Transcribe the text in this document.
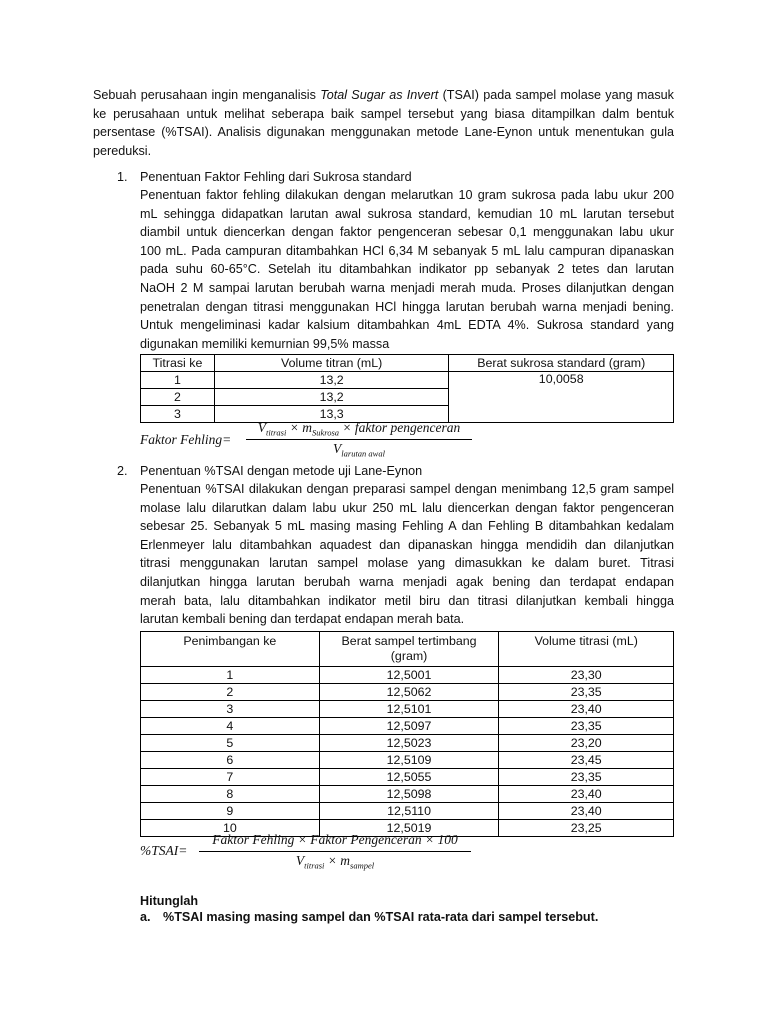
Sebuah perusahaan ingin menganalisis Total Sugar as Invert (TSAI) pada sampel molase yang masuk
ke perusahaan untuk melihat seberapa baik sampel tersebut yang biasa ditampilkan dalm bentuk
persentase (%TSAI). Analisis digunakan menggunakan metode Lane-Eynon untuk menentukan gula
pereduksi.
1. Penentuan Faktor Fehling dari Sukrosa standard
Penentuan faktor fehling dilakukan dengan melarutkan 10 gram sukrosa pada labu ukur 200
mL sehingga didapatkan larutan awal sukrosa standard, kemudian 10 mL larutan tersebut
diambil untuk diencerkan dengan faktor pengenceran sebesar 0,1 menggunakan labu ukur
100 mL. Pada campuran ditambahkan HCl 6,34 M sebanyak 5 mL lalu campuran dipanaskan
pada suhu 60-65°C. Setelah itu ditambahkan indikator pp sebanyak 2 tetes dan larutan
NaOH 2 M sampai larutan berubah warna menjadi merah muda. Proses dilanjutkan dengan
penetralan dengan titrasi menggunakan HCl hingga larutan berubah warna menjadi bening.
Untuk mengeliminasi kadar kalsium ditambahkan 4mL EDTA 4%. Sukrosa standard yang
digunakan memiliki kemurnian 99,5% massa
Titrasi ke	Volume titran (mL)	Berat sukrosa standard (gram)
1	13,2	10,0058
2	13,2	
3	13,3	
Faktor Fehling=
$V_{titrasi} \times m_{Sukrosa}$ × faktor pengenceran
$V_{larutan awal}$
2. Penentuan %TSAI dengan metode uji Lane-Eynon
Penentuan %TSAI dilakukan dengan preparasi sampel dengan menimbang 12,5 gram sampel
molase lalu dilarutkan dalam labu ukur 250 mL lalu diencerkan dengan faktor pengenceran
sebesar 25. Sebanyak 5 mL masing masing Fehling A dan Fehling B ditambahkan kedalam
Erlenmeyer lalu ditambahkan aquadest dan dipanaskan hingga mendidih dan dilanjutkan
titrasi menggunakan larutan sampel molase yang dimasukkan ke dalam buret. Titrasi
dilanjutkan hingga larutan berubah warna menjadi agak bening dan terdapat endapan
merah bata, lalu ditambahkan indikator metil biru dan titrasi dilanjutkan kembali hingga
larutan kembali bening dan terdapat endapan merah bata.
Penimbangan ke	Berat sampel tertimbang (gram)	Volume titrasi (mL)
1	12,5001	23,30
2	12,5062	23,35
3	12,5101	23,40
4	12,5097	23,35
5	12,5023	23,20
6	12,5109	23,45
7	12,5055	23,35
8	12,5098	23,40
9	12,5110	23,40
10	12,5019	23,25
%TSAI=
Faktor Fehling × Faktor Pengenceran × 100
$V_{titrasi} \times m_{sampel}$
Hitunglah
a. %TSAI masing masing sampel dan %TSAI rata-rata dari sampel tersebut.
